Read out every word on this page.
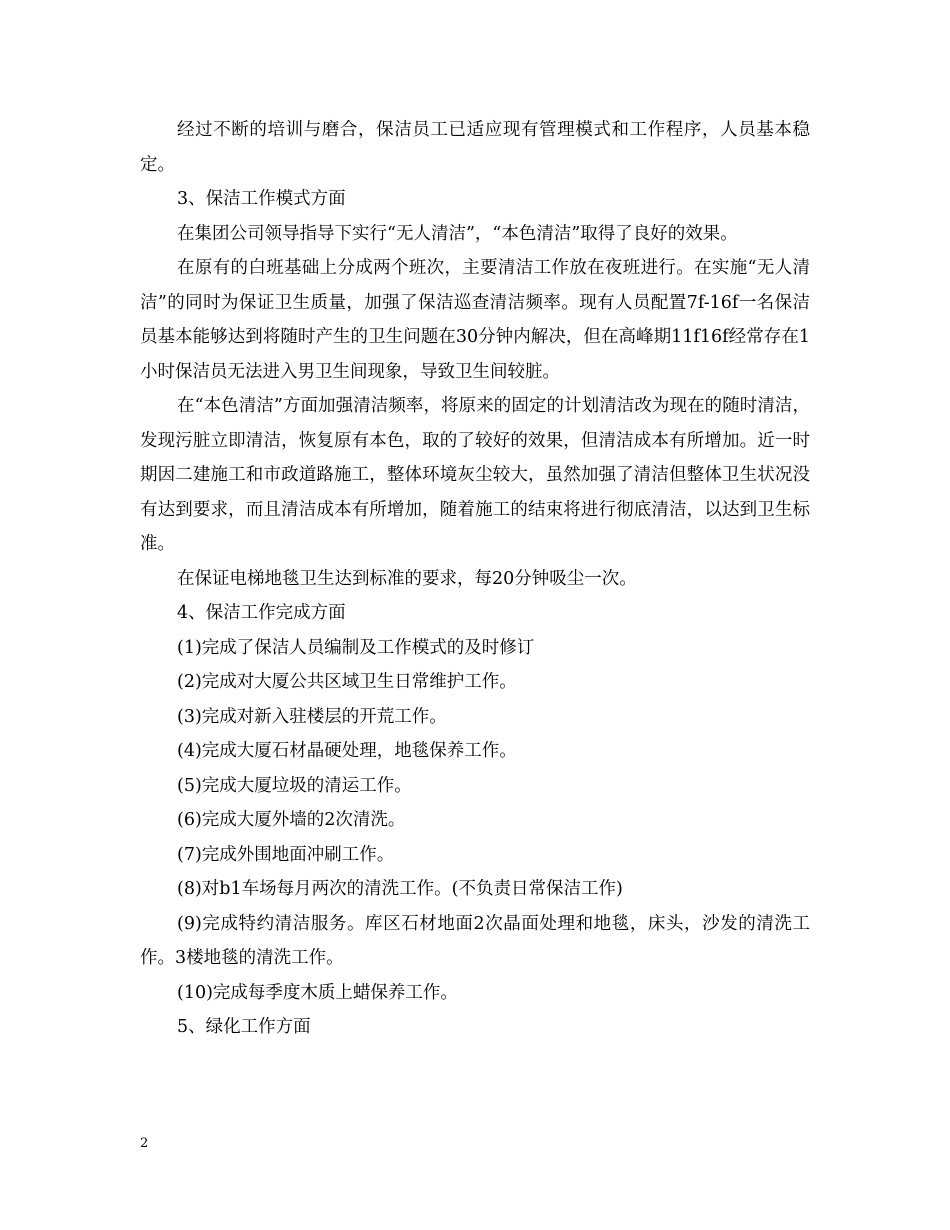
经过不断的培训与磨合，保洁员工已适应现有管理模式和工作程序，人员基本稳定。

3、保洁工作模式方面

在集团公司领导指导下实行“无人清洁”，“本色清洁”取得了良好的效果。

在原有的白班基础上分成两个班次，主要清洁工作放在夜班进行。在实施“无人清洁”的同时为保证卫生质量，加强了保洁巡查清洁频率。现有人员配置7f-16f一名保洁员基本能够达到将随时产生的卫生问题在30分钟内解决，但在高峰期11f16f经常存在1小时保洁员无法进入男卫生间现象，导致卫生间较脏。

在“本色清洁”方面加强清洁频率，将原来的固定的计划清洁改为现在的随时清洁，发现污脏立即清洁，恢复原有本色，取的了较好的效果，但清洁成本有所增加。近一时期因二建施工和市政道路施工，整体环境灰尘较大，虽然加强了清洁但整体卫生状况没有达到要求，而且清洁成本有所增加，随着施工的结束将进行彻底清洁，以达到卫生标准。

在保证电梯地毯卫生达到标准的要求，每20分钟吸尘一次。

4、保洁工作完成方面

(1)完成了保洁人员编制及工作模式的及时修订

(2)完成对大厦公共区域卫生日常维护工作。

(3)完成对新入驻楼层的开荒工作。

(4)完成大厦石材晶硬处理，地毯保养工作。

(5)完成大厦垃圾的清运工作。

(6)完成大厦外墙的2次清洗。

(7)完成外围地面冲刷工作。

(8)对b1车场每月两次的清洗工作。(不负责日常保洁工作)

(9)完成特约清洁服务。库区石材地面2次晶面处理和地毯，床头，沙发的清洗工作。3楼地毯的清洗工作。

(10)完成每季度木质上蜡保养工作。

5、绿化工作方面

2
